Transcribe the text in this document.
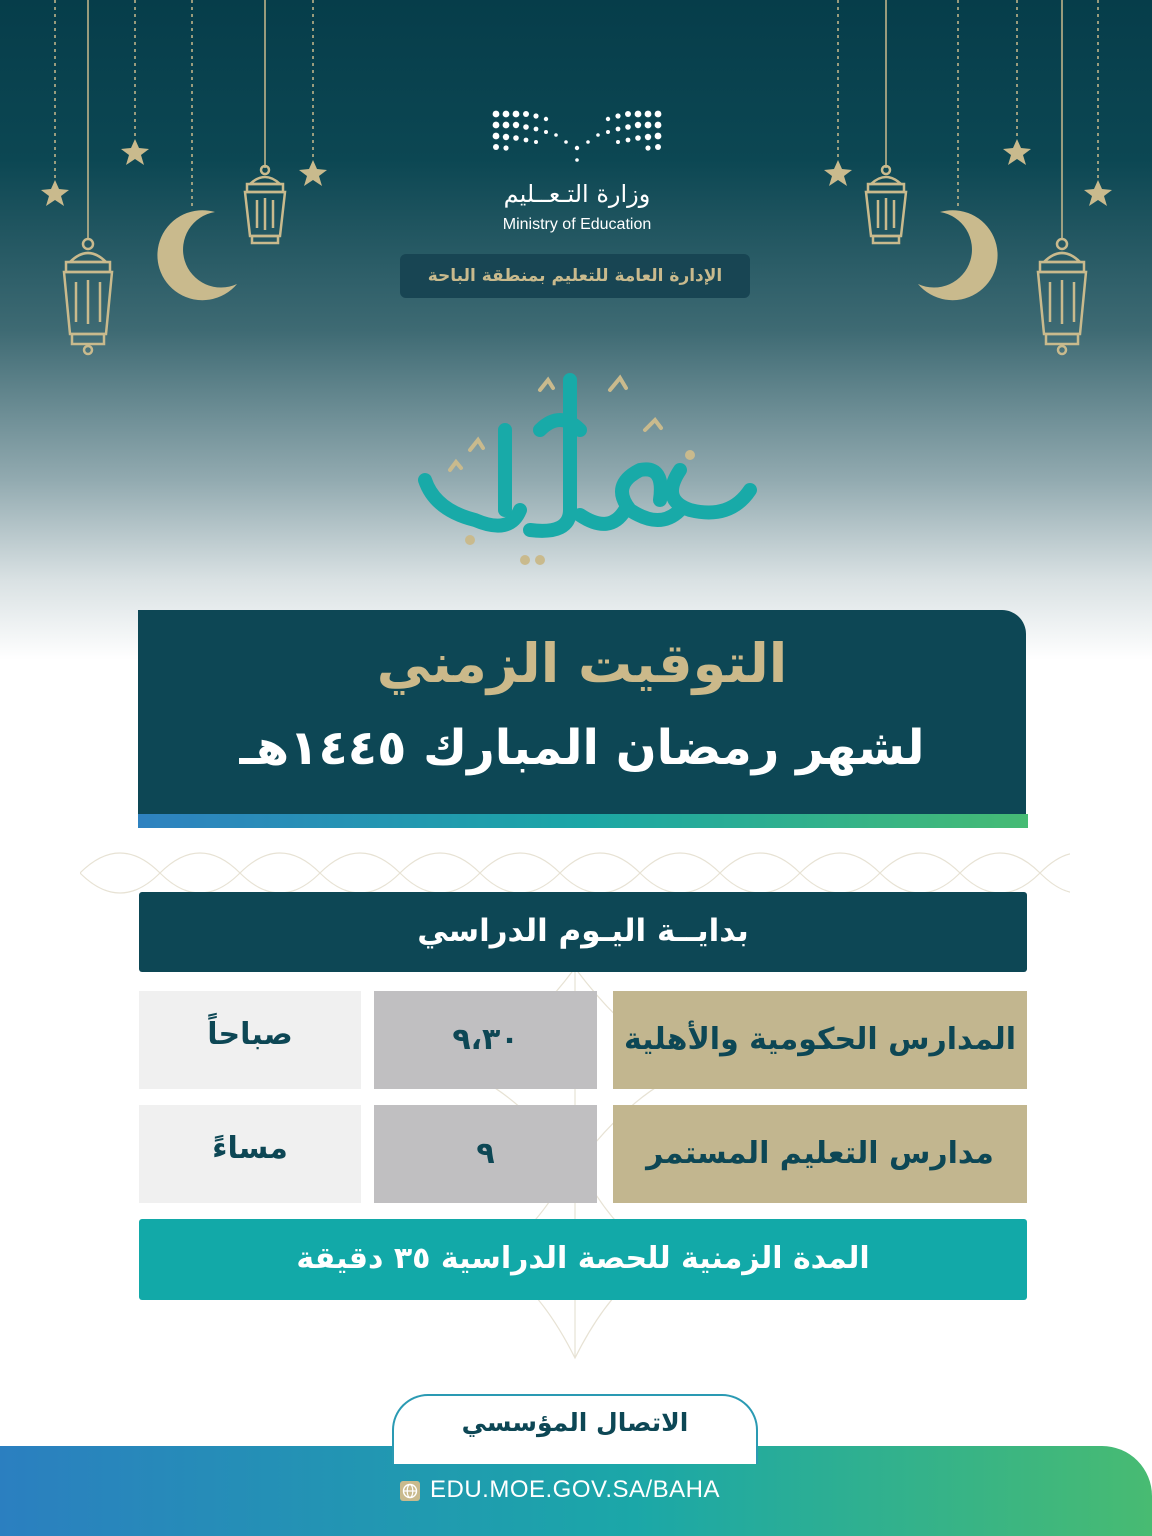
وزارة التـعــليم
Ministry of Education
الإدارة العامة للتعليم بمنطقة الباحة
التوقيت الزمني
لشهر رمضان المبارك ١٤٤٥هـ
بدايــة اليـوم الدراسي
المدارس الحكومية والأهلية
٩،٣٠
صباحاً
مدارس التعليم المستمر
٩
مساءً
المدة الزمنية للحصة الدراسية ٣٥ دقيقة
الاتصال المؤسسي
EDU.MOE.GOV.SA/BAHA
